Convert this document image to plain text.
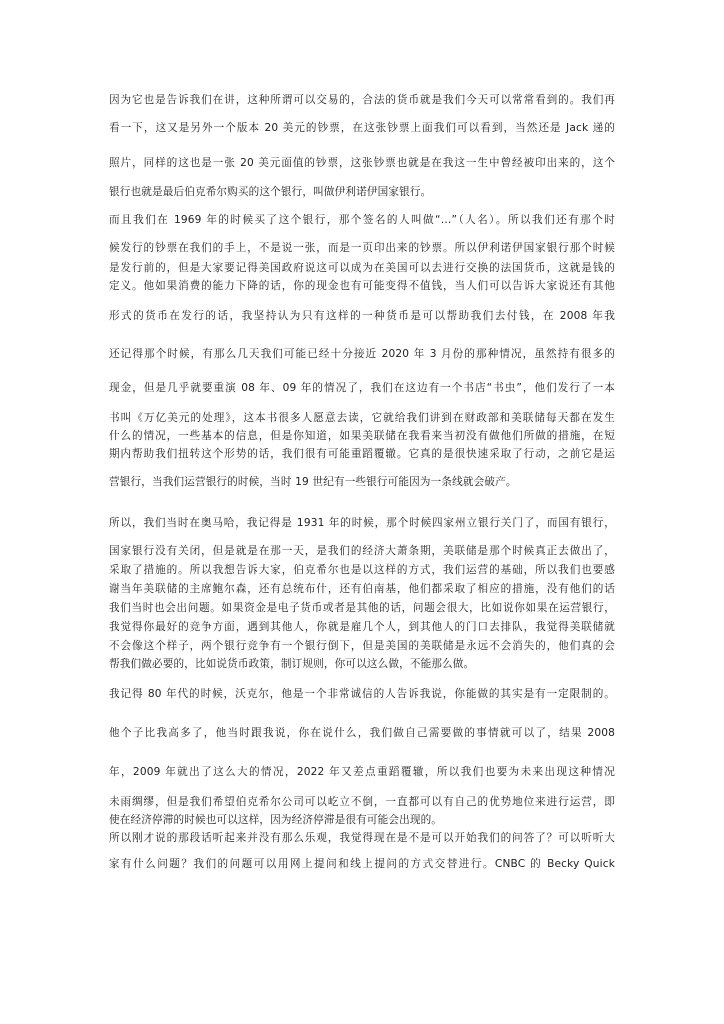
因为它也是告诉我们在讲，这种所谓可以交易的，合法的货币就是我们今天可以常常看到的。我们再
看一下，这又是另外一个版本 20 美元的钞票，在这张钞票上面我们可以看到，当然还是 Jack 递的
照片，同样的这也是一张 20 美元面值的钞票，这张钞票也就是在我这一生中曾经被印出来的，这个
银行也就是最后伯克希尔购买的这个银行，叫做伊利诺伊国家银行。
而且我们在 1969 年的时候买了这个银行，那个签名的人叫做“…”（人名）。所以我们还有那个时
候发行的钞票在我们的手上，不是说一张，而是一页印出来的钞票。所以伊利诺伊国家银行那个时候
是发行前的，但是大家要记得美国政府说这可以成为在美国可以去进行交换的法国货币，这就是钱的
定义。他如果消费的能力下降的话，你的现金也有可能变得不值钱，当人们可以告诉大家说还有其他
形式的货币在发行的话，我坚持认为只有这样的一种货币是可以帮助我们去付钱，在 2008 年我
还记得那个时候，有那么几天我们可能已经十分接近 2020 年 3 月份的那种情况，虽然持有很多的
现金，但是几乎就要重演 08 年、09 年的情况了，我们在这边有一个书店“书虫”，他们发行了一本
书叫《万亿美元的处理》，这本书很多人愿意去读，它就给我们讲到在财政部和美联储每天都在发生
什么的情况，一些基本的信息，但是你知道，如果美联储在我看来当初没有做他们所做的措施，在短
期内帮助我们扭转这个形势的话，我们很有可能重蹈覆辙。它真的是很快速采取了行动，之前它是运
营银行，当我们运营银行的时候，当时 19 世纪有一些银行可能因为一条线就会破产。
所以，我们当时在奥马哈，我记得是 1931 年的时候，那个时候四家州立银行关门了，而国有银行，
国家银行没有关闭，但是就是在那一天，是我们的经济大萧条期，美联储是那个时候真正去做出了，
采取了措施的。所以我想告诉大家，伯克希尔也是以这样的方式，我们运营的基础，所以我们也要感
谢当年美联储的主席鲍尔森，还有总统布什，还有伯南基，他们都采取了相应的措施，没有他们的话
我们当时也会出问题。如果资金是电子货币或者是其他的话，问题会很大，比如说你如果在运营银行，
我觉得你最好的竞争方面，遇到其他人，你就是雇几个人，到其他人的门口去排队，我觉得美联储就
不会像这个样子，两个银行竞争有一个银行倒下，但是美国的美联储是永远不会消失的，他们真的会
帮我们做必要的，比如说货币政策，制订规则，你可以这么做，不能那么做。
我记得 80 年代的时候，沃克尔，他是一个非常诚信的人告诉我说，你能做的其实是有一定限制的。
他个子比我高多了，他当时跟我说，你在说什么，我们做自己需要做的事情就可以了，结果 2008
年，2009 年就出了这么大的情况，2022 年又差点重蹈覆辙，所以我们也要为未来出现这种情况
未雨绸缪，但是我们希望伯克希尔公司可以屹立不倒，一直都可以有自己的优势地位来进行运营，即
使在经济停滞的时候也可以这样，因为经济停滞是很有可能会出现的。
所以刚才说的那段话听起来并没有那么乐观，我觉得现在是不是可以开始我们的问答了？可以听听大
家有什么问题？我们的问题可以用网上提问和线上提问的方式交替进行。CNBC 的 Becky Quick
